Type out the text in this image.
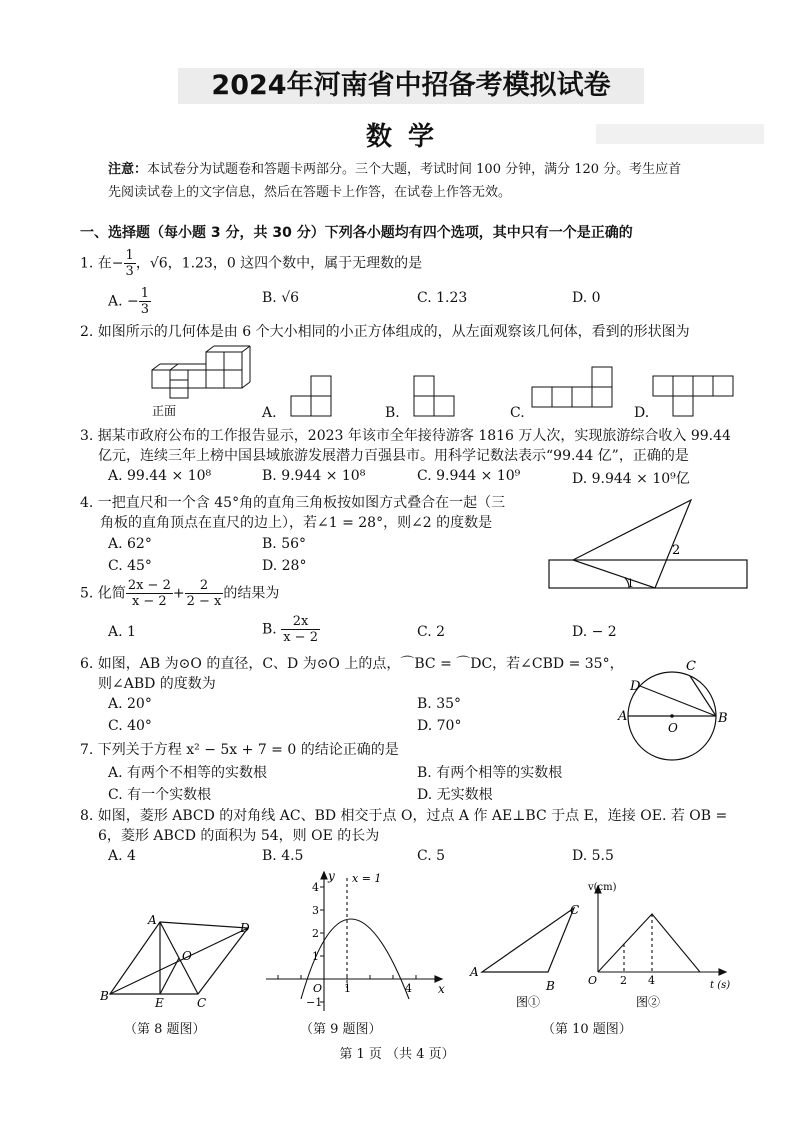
2024年河南省中招备考模拟试卷
数学
注意：本试卷分为试题卷和答题卡两部分。三个大题，考试时间 100 分钟，满分 120 分。考生应首
先阅读试卷上的文字信息，然后在答题卡上作答，在试卷上作答无效。
一、选择题（每小题 3 分，共 30 分）下列各小题均有四个选项，其中只有一个是正确的
1. 在− $\frac{1}{3}$ ，√6，1.23，0 这四个数中，属于无理数的是
A. − $\frac{1}{3}$	B. √6	C. 1.23	D. 0
2. 如图所示的几何体是由 6 个大小相同的小正方体组成的，从左面观察该几何体，看到的形状图为
正面	A.	B.	C.	D.
3. 据某市政府公布的工作报告显示，2023 年该市全年接待游客 1816 万人次，实现旅游综合收入 99.44
亿元，连续三年上榜中国县域旅游发展潜力百强县市。用科学记数法表示“99.44 亿”，正确的是
A. 99.44 × 10⁸	B. 9.944 × 10⁸	C. 9.944 × 10⁹	D. 9.944 × 10⁹亿
4. 一把直尺和一个含 45°角的直角三角板按如图方式叠合在一起（三
角板的直角顶点在直尺的边上），若∠1 = 28°，则∠2 的度数是
A. 62°	B. 56°
C. 45°	D. 28°
2
1
5. 化简 $\frac{2x - 2}{x - 2} + \frac{2}{2 - x}$ 的结果为
A. 1	B. $\frac{2x}{x - 2}$	C. 2	D. − 2
6. 如图，AB 为⊙O 的直径，C、D 为⊙O 上的点，⌒BC = ⌒DC，若∠CBD = 35°，
则∠ABD 的度数为
A. 20°	B. 35°
C. 40°	D. 70°
A	B
C
D
O
7. 下列关于方程 x² − 5x + 7 = 0 的结论正确的是
A. 有两个不相等的实数根	B. 有两个相等的实数根
C. 有一个实数根	D. 无实数根
8. 如图，菱形 ABCD 的对角线 AC、BD 相交于点 O，过点 A 作 AE⊥BC 于点 E，连接 OE. 若 OB =
6，菱形 ABCD 的面积为 54，则 OE 的长为
A. 4	B. 4.5	C. 5	D. 5.5
A
B	C
D
E
O
（第 8 题图）
y
x
x = 1
4
3
2
1
−1
O 1	4
（第 9 题图）
A
B
C
v(cm)
t (s)
O 2 4
图①	图②
（第 10 题图）
第 1 页 （共 4 页）
